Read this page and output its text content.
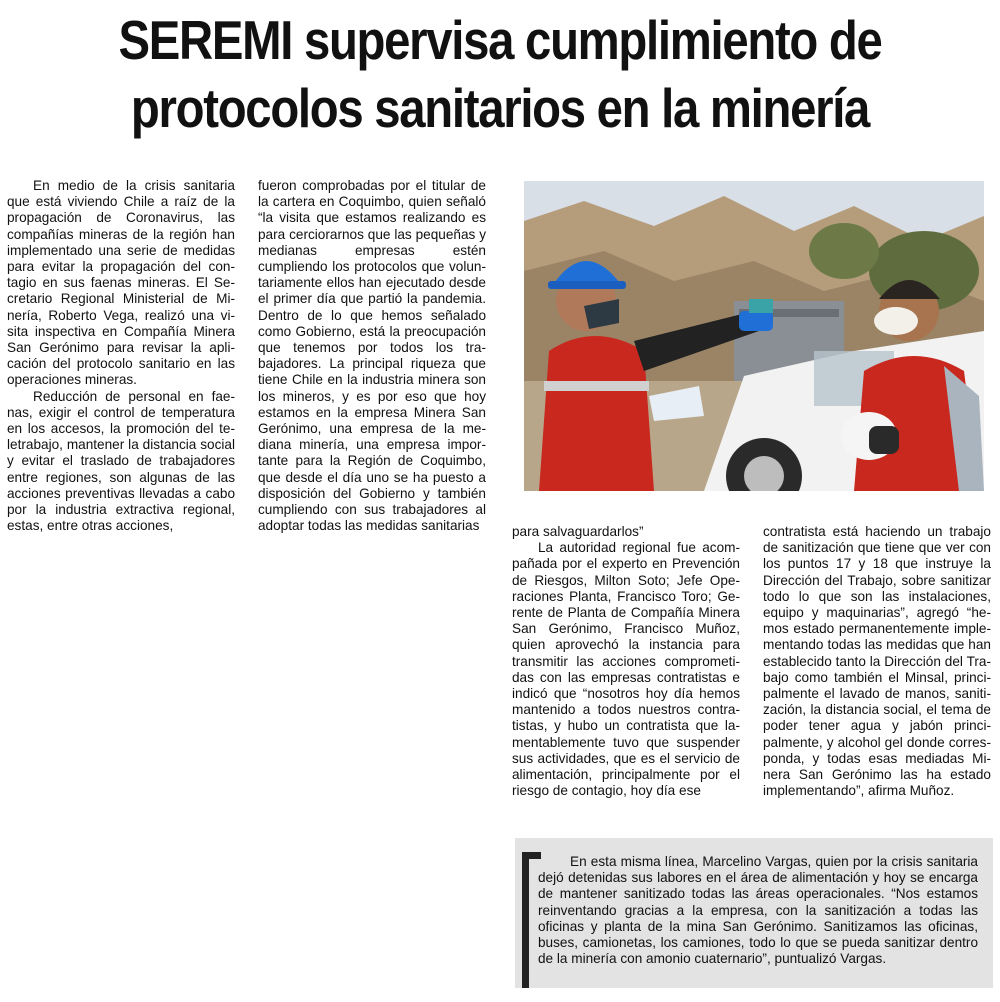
SEREMI supervisa cumplimiento de
protocolos sanitarios en la minería

En medio de la crisis sanitaria que está viviendo Chile a raíz de la propagación de Coronavirus, las compañías mineras de la región han implementado una serie de medidas para evitar la propagación del contagio en sus faenas mineras. El Secretario Regional Ministerial de Minería, Roberto Vega, realizó una visita inspectiva en Compañía Minera San Gerónimo para revisar la aplicación del protocolo sanitario en las operaciones mineras.

Reducción de personal en faenas, exigir el control de temperatura en los accesos, la promoción del teletrabajo, mantener la distancia social y evitar el traslado de trabajadores entre regiones, son algunas de las acciones preventivas llevadas a cabo por la industria extractiva regional, estas, entre otras acciones,

fueron comprobadas por el titular de la cartera en Coquimbo, quien señaló “la visita que estamos realizando es para cerciorarnos que las pequeñas y medianas empresas estén cumpliendo los protocolos que voluntariamente ellos han ejecutado desde el primer día que partió la pandemia. Dentro de lo que hemos señalado como Gobierno, está la preocupación que tenemos por todos los trabajadores. La principal riqueza que tiene Chile en la industria minera son los mineros, y es por eso que hoy estamos en la empresa Minera San Gerónimo, una empresa de la mediana minería, una empresa importante para la Región de Coquimbo, que desde el día uno se ha puesto a disposición del Gobierno y también cumpliendo con sus trabajadores al adoptar todas las medidas sanitarias	para salvaguardarlos”

La autoridad regional fue acompañada por el experto en Prevención de Riesgos, Milton Soto; Jefe Operaciones Planta, Francisco Toro; Gerente de Planta de Compañía Minera San Gerónimo, Francisco Muñoz, quien aprovechó la instancia para transmitir las acciones comprometidas con las empresas contratistas e indicó que “nosotros hoy día hemos mantenido a todos nuestros contratistas, y hubo un contratista que lamentablemente tuvo que suspender sus actividades, que es el servicio de alimentación, principalmente por el riesgo de contagio, hoy día ese

contratista está haciendo un trabajo de sanitización que tiene que ver con los puntos 17 y 18 que instruye la Dirección del Trabajo, sobre sanitizar todo lo que son las instalaciones, equipo y maquinarias”, agregó “hemos estado permanentemente implementando todas las medidas que han establecido tanto la Dirección del Trabajo como también el Minsal, principalmente el lavado de manos, sanitización, la distancia social, el tema de poder tener agua y jabón principalmente, y alcohol gel donde corresponda, y todas esas mediadas Minera San Gerónimo las ha estado implementando”, afirma Muñoz.

En esta misma línea, Marcelino Vargas, quien por la crisis sanitaria dejó detenidas sus labores en el área de alimentación y hoy se encarga de mantener sanitizado todas las áreas operacionales. “Nos estamos reinventando gracias a la empresa, con la sanitización a todas las oficinas y planta de la mina San Gerónimo. Sanitizamos las oficinas, buses, camionetas, los camiones, todo lo que se pueda sanitizar dentro de la minería con amonio cuaternario”, puntualizó Vargas.
